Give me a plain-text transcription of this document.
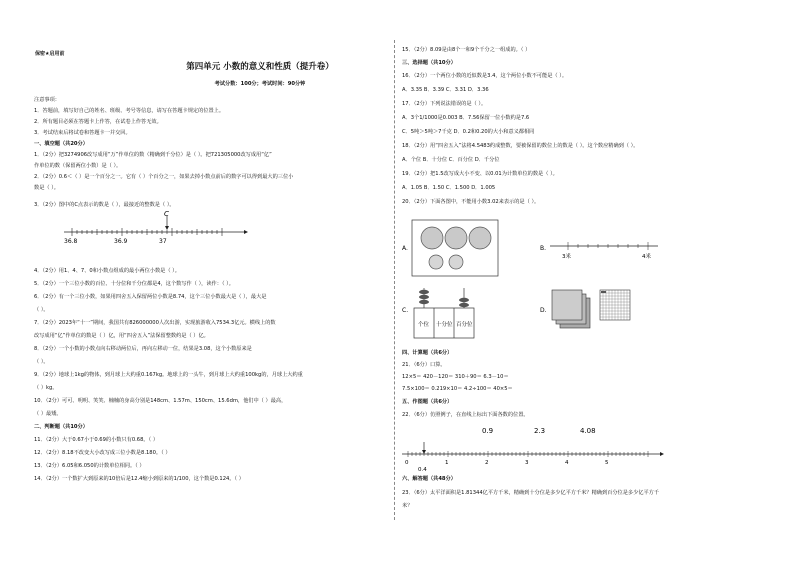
保密★启用前
第四单元 小数的意义和性质（提升卷）
考试分数：100分；考试时间：90分钟
注意事项：
1．答题前，填写好自己的姓名、班级、考号等信息，请写在答题卡规定的位置上。
2．所有题目必须在答题卡上作答，在试卷上作答无效。
3．考试结束后将试卷和答题卡一并交回。
一、填空题（共20分）
1．（2分）把3274906改写成用“万”作单位的数（精确到千分位）是（ ）。把721305000改写成用“亿”
作单位的数（保留两位小数）是（ ）。
2．（2分）0.6＜（ ）是一个百分之一。它有（ ）个百分之一，如果去掉小数点前后的数字可以得到最大的三位小
数是（ ）。
3．（2分）图中的C点表示的数是（ ），最接近的整数是（ ）。
C
36.8	36.9	37
4．（2分）用1、4、7、0和小数点组成的最小两位小数是（ ）。
5．（2分）一个三位小数的百位、十分位和千分位都是4，这个数写作（ ），读作：（ ）。
6．（2分）有一个三位小数，如果用四舍五入保留两位小数是8.74，这个三位小数最大是（ ），最大是
（ ）。
7．（2分）2023年“十一”期间，我国共有826000000人次出游，实现旅游收入7534.3亿元。横线上的数
改写成用“亿”作单位的数是（ ）亿，用“四舍五入”法保留整数约是（ ）亿。
8．（2分）一个小数的小数点向右移动两位后，再向左移动一位，结果是3.08，这个小数原来是
（ ）。
9．（2分）地球上1kg的物体，到月球上大约重0.167kg。地球上的一头牛，到月球上大约重100kg的，月球上大约重
（ ）kg。
10．（2分）可可、明明、笑笑、楠楠的身高分别是148cm、1.57m、150cm、15.6dm，他们中（ ）最高，
（ ）最矮。
二、判断题（共10分）
11．（2分）大于0.67小于0.69的小数只有0.68。（ ）
12．（2分）8.18不改变大小改写成三位小数是8.180。（ ）
13．（2分）6.05和6.050的计数单位相同。（ ）
14．（2分）一个数扩大到原来的10倍后是12.4缩小到原来的1/100，这个数是0.124。（ ）
15．（2分）8.09是由8个一和9个千分之一组成的。（ ）
三、选择题（共10分）
16．（2分）一个两位小数的近似数是3.4，这个两位小数不可能是（ ）。
A．3.35 B．3.39 C．3.31 D．3.36
17．（2分）下列说法错误的是（ ）。
A．3个1/1000是0.003 B．7.56保留一位小数约是7.6
C．5吨＞5吨＞7千克 D．0.2和0.20的大小和意义都相同
18．（2分）用“四舍五入”法将4.5483约成整数，要被保留的数位上的数是（ ）。这个数应精确到（ ）。
A．个位 B．十分位 C．百分位 D．千分位
19．（2分）把1.5改写成大小不变、以0.01为计数单位的数是（ ）。
A．1.05 B．1.50 C．1.500 D．1.005
20．（2分）下面各图中，不能用小数3.02来表示的是（ ）。
A.	B.
3米	4米
C.
个位 十分位 百分位
D.
四、计算题（共6分）
21．（6分）口算。
12×5＝ 420－120＝ 310＋90＝ 6.3－10＝
7.5×100＝ 0.219×10＝ 4.2÷100＝ 40×5＝
五、作图题（共6分）
22．（6分）仿照例子，在直线上标出下面各数的位置。
0.9	2.3	4.08
0	1	2	3	4	5
0.4
六、解答题（共48分）
23．（6分）太平洋面积是1.81344亿平方千米，精确到十分位是多少亿平方千米？精确到百分位是多少亿平方千
米？
